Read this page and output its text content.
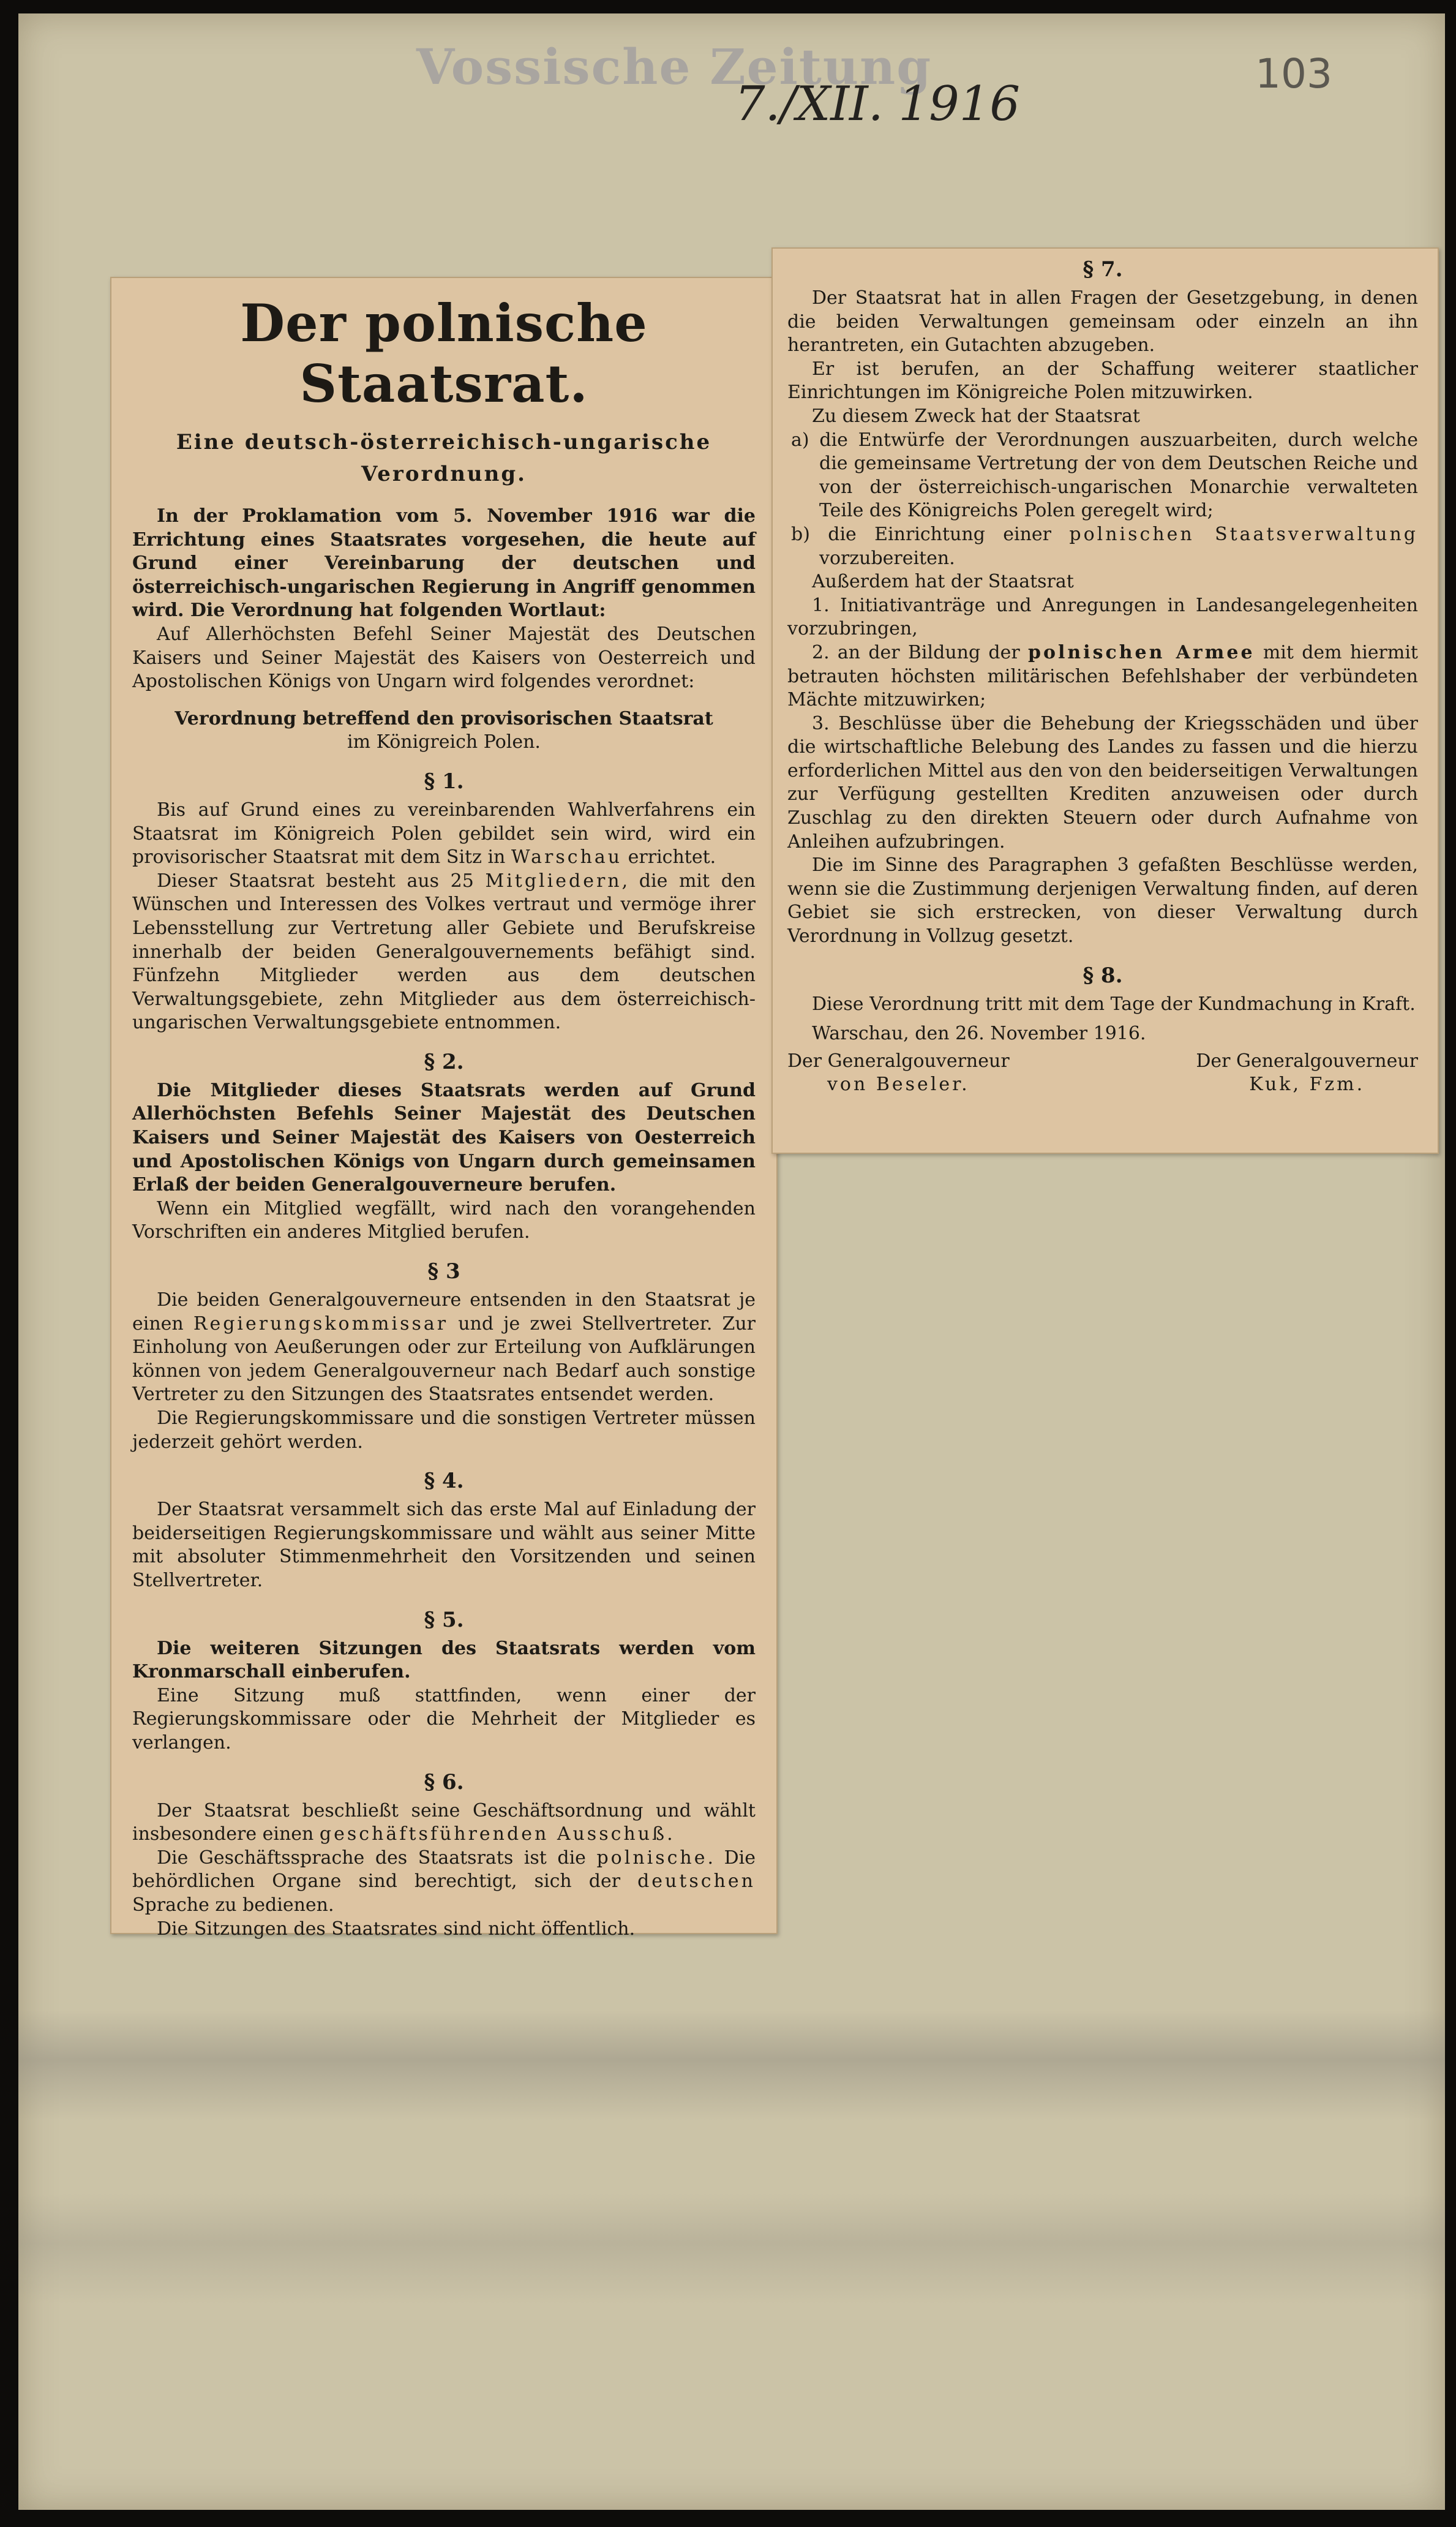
Vossische Zeitung
7./XII. 1916
103
Der polnische Staatsrat.
Eine deutsch-österreichisch-ungarische
Verordnung.

In der Proklamation vom 5. November 1916 war die Errichtung eines Staatsrates vorgesehen, die heute auf Grund einer Vereinbarung der deutschen und österreichisch-ungarischen Regierung in Angriff genommen wird. Die Verordnung hat folgenden Wortlaut:

Auf Allerhöchsten Befehl Seiner Majestät des Deutschen Kaisers und Seiner Majestät des Kaisers von Oesterreich und Apostolischen Königs von Ungarn wird folgendes verordnet:

Verordnung betreffend den provisorischen Staatsrat

im Königreich Polen.

§ 1.

Bis auf Grund eines zu vereinbarenden Wahlverfahrens ein Staatsrat im Königreich Polen gebildet sein wird, wird ein provisorischer Staatsrat mit dem Sitz in Warschau errichtet.

Dieser Staatsrat besteht aus 25 Mitgliedern, die mit den Wünschen und Interessen des Volkes vertraut und vermöge ihrer Lebensstellung zur Vertretung aller Gebiete und Berufskreise innerhalb der beiden Generalgouvernements befähigt sind. Fünfzehn Mitglieder werden aus dem deutschen Verwaltungsgebiete, zehn Mitglieder aus dem österreichisch-ungarischen Verwaltungsgebiete entnommen.

§ 2.

Die Mitglieder dieses Staatsrats werden auf Grund Allerhöchsten Befehls Seiner Majestät des Deutschen Kaisers und Seiner Majestät des Kaisers von Oesterreich und Apostolischen Königs von Ungarn durch gemeinsamen Erlaß der beiden Generalgouverneure berufen.

Wenn ein Mitglied wegfällt, wird nach den vorangehenden Vorschriften ein anderes Mitglied berufen.

§ 3

Die beiden Generalgouverneure entsenden in den Staatsrat je einen Regierungskommissar und je zwei Stellvertreter. Zur Einholung von Aeußerungen oder zur Erteilung von Aufklärungen können von jedem Generalgouverneur nach Bedarf auch sonstige Vertreter zu den Sitzungen des Staatsrates entsendet werden.

Die Regierungskommissare und die sonstigen Vertreter müssen jederzeit gehört werden.

§ 4.

Der Staatsrat versammelt sich das erste Mal auf Einladung der beiderseitigen Regierungskommissare und wählt aus seiner Mitte mit absoluter Stimmenmehrheit den Vorsitzenden und seinen Stellvertreter.

§ 5.

Die weiteren Sitzungen des Staatsrats werden vom Kronmarschall einberufen.

Eine Sitzung muß stattfinden, wenn einer der Regierungskommissare oder die Mehrheit der Mitglieder es verlangen.

§ 6.

Der Staatsrat beschließt seine Geschäftsordnung und wählt insbesondere einen geschäftsführenden Ausschuß.

Die Geschäftssprache des Staatsrats ist die polnische. Die behördlichen Organe sind berechtigt, sich der deutschen Sprache zu bedienen.

Die Sitzungen des Staatsrates sind nicht öffentlich.

§ 7.

Der Staatsrat hat in allen Fragen der Gesetzgebung, in denen die beiden Verwaltungen gemeinsam oder einzeln an ihn herantreten, ein Gutachten abzugeben.

Er ist berufen, an der Schaffung weiterer staatlicher Einrichtungen im Königreiche Polen mitzuwirken.

Zu diesem Zweck hat der Staatsrat

a) die Entwürfe der Verordnungen auszuarbeiten, durch welche die gemeinsame Vertretung der von dem Deutschen Reiche und von der österreichisch-ungarischen Monarchie verwalteten Teile des Königreichs Polen geregelt wird;

b) die Einrichtung einer polnischen Staatsverwaltung vorzubereiten.

Außerdem hat der Staatsrat

1. Initiativanträge und Anregungen in Landesangelegenheiten vorzubringen,

2. an der Bildung der polnischen Armee mit dem hiermit betrauten höchsten militärischen Befehlshaber der verbündeten Mächte mitzuwirken;

3. Beschlüsse über die Behebung der Kriegsschäden und über die wirtschaftliche Belebung des Landes zu fassen und die hierzu erforderlichen Mittel aus den von den beiderseitigen Verwaltungen zur Verfügung gestellten Krediten anzuweisen oder durch Zuschlag zu den direkten Steuern oder durch Aufnahme von Anleihen aufzubringen.

Die im Sinne des Paragraphen 3 gefaßten Beschlüsse werden, wenn sie die Zustimmung derjenigen Verwaltung finden, auf deren Gebiet sie sich erstrecken, von dieser Verwaltung durch Verordnung in Vollzug gesetzt.

§ 8.

Diese Verordnung tritt mit dem Tage der Kundmachung in Kraft.

Warschau, den 26. November 1916.

Der Generalgouverneur
von Beseler.
Der Generalgouverneur
Kuk, Fzm.
